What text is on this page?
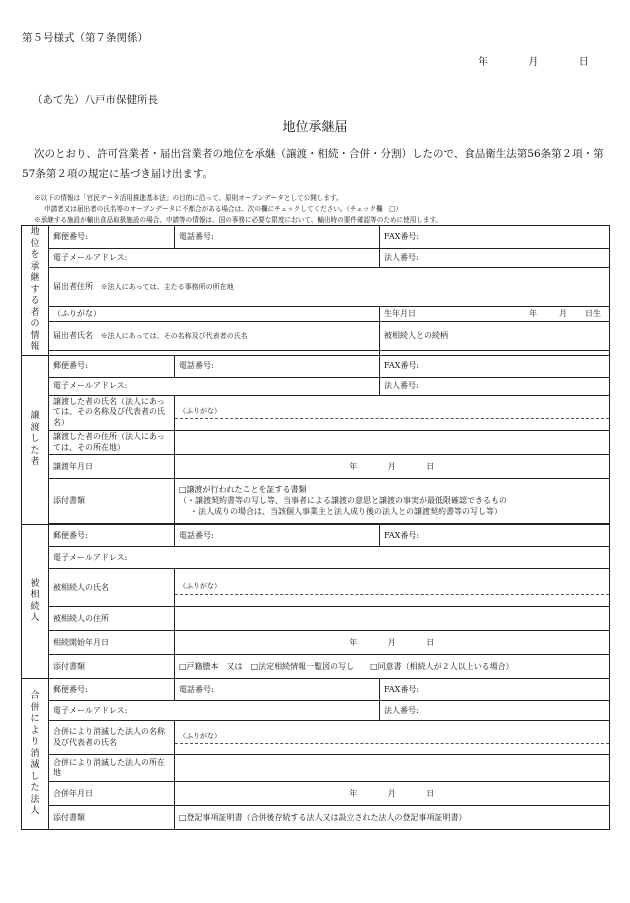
第５号様式（第７条関係）
年	月	日
（あて先）八戸市保健所長
地位承継届
次のとおり、許可営業者・届出営業者の地位を承継（譲渡・相続・合併・分割）したので、食品衛生法第56条第２項・第57条第２項の規定に基づき届け出ます。
※以下の情報は「官民データ活用推進基本法」の目的に沿って、原則オープンデータとして公開します。
申請者又は届出者の氏名等のオープンデータに不都合がある場合は、次の欄にチェックしてください。（チェック欄　□）
※承継する施設が輸出食品取扱施設の場合、申請等の情報は、国の事務に必要な限度において、輸出時の要件確認等のために使用します。
地位を承継する者の情報	郵便番号:	電話番号:	FAX番号:
	電子メールアドレス:		法人番号:
	届出者住所 ※法人にあっては、主たる事務所の所在地		
	（ふりがな）		生年月日 年 月 日 生

	届出者氏名 ※法人にあっては、その名称及び代表者の氏名		被相続人との続柄

譲渡した者	郵便番号:	電話番号:	FAX番号:
	電子メールアドレス:		法人番号:
	譲渡した者の氏名（法人にあっては、その名称及び代表者の氏名）	（ふりがな）	

	譲渡した者の住所（法人にあっては、その所在地）		
	譲渡年月日	年 月 日	
	添付書類	□譲渡が行われたことを証する書類
（・譲渡契約書等の写し等、当事者による譲渡の意思と譲渡の事実が最低限確認できるもの
・法人成りの場合は、当該個人事業主と法人成り後の法人との譲渡契約書等の写し等）	

被相続人	郵便番号:	電話番号:	FAX番号:
	電子メールアドレス:		
	被相続人の氏名	（ふりがな）	

	被相続人の住所		
	相続開始年月日	年 月 日	
	添付書類	□戸籍謄本　又は　□法定相続情報一覧図の写し　　□同意書（相続人が２人以上いる場合）	
合併により消滅した法人	郵便番号:	電話番号:	FAX番号:
	電子メールアドレス:		法人番号:
	合併により消滅した法人の名称及び代表者の氏名	（ふりがな）	

	合併により消滅した法人の所在地		
	合併年月日	年 月 日	
	添付書類	□登記事項証明書（合併後存続する法人又は設立された法人の登記事項証明書）	
